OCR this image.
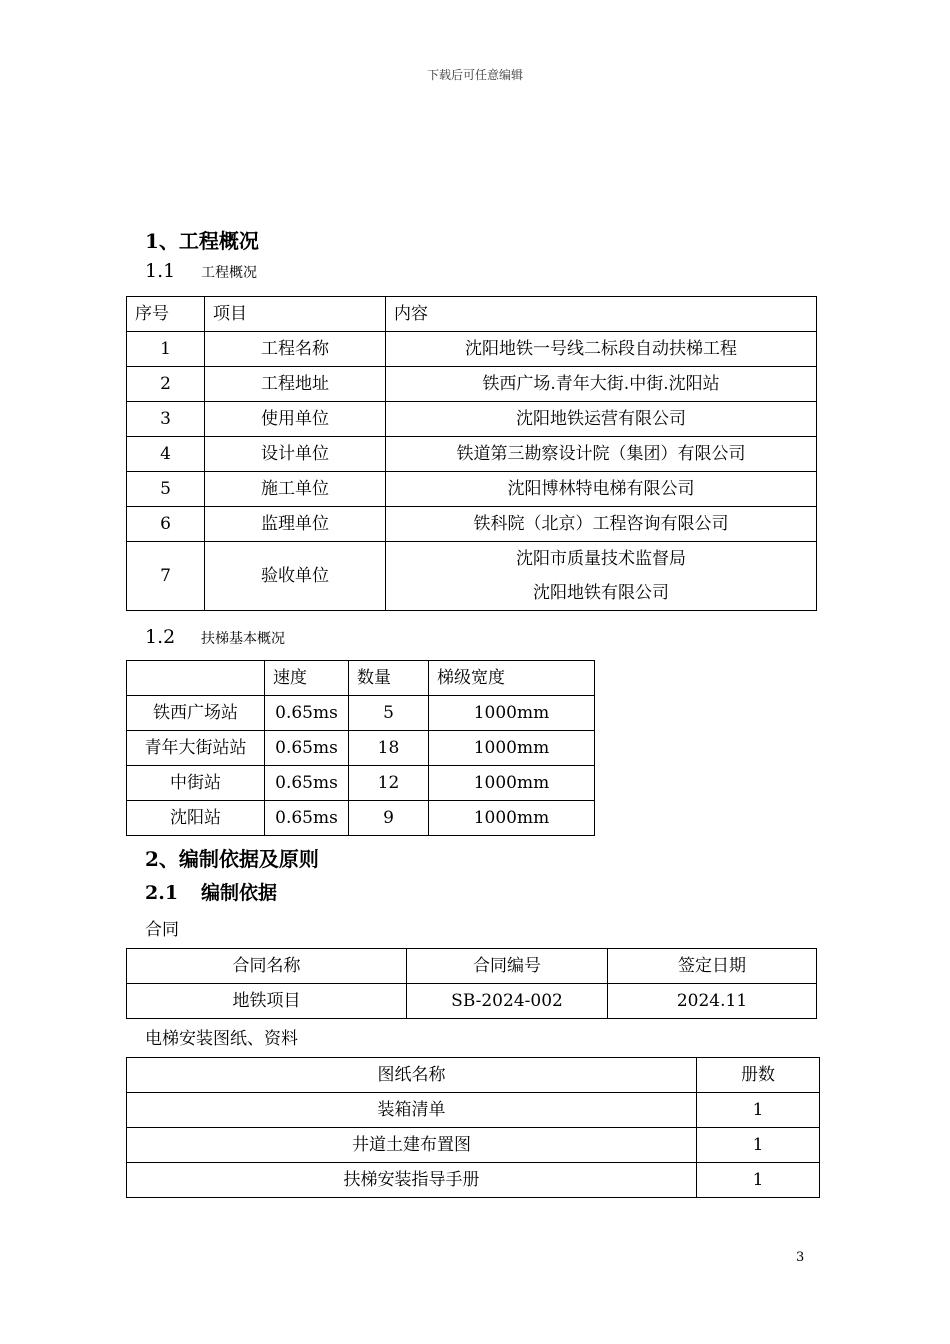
下载后可任意编辑
1、工程概况
1.1 工程概况
序号	项目	内容
1	工程名称	沈阳地铁一号线二标段自动扶梯工程
2	工程地址	铁西广场.青年大街.中街.沈阳站
3	使用单位	沈阳地铁运营有限公司
4	设计单位	铁道第三勘察设计院（集团）有限公司
5	施工单位	沈阳博林特电梯有限公司
6	监理单位	铁科院（北京）工程咨询有限公司
7	验收单位	沈阳市质量技术监督局
沈阳地铁有限公司
1.2 扶梯基本概况
	速度	数量	梯级宽度
铁西广场站	0.65ms	5	1000mm
青年大街站站	0.65ms	18	1000mm
中街站	0.65ms	12	1000mm
沈阳站	0.65ms	9	1000mm
2、编制依据及原则
2.1 编制依据
合同
合同名称	合同编号	签定日期
地铁项目	SB-2024-002	2024.11
电梯安装图纸、资料
图纸名称	册数
装箱清单	1
井道土建布置图	1
扶梯安装指导手册	1
3
